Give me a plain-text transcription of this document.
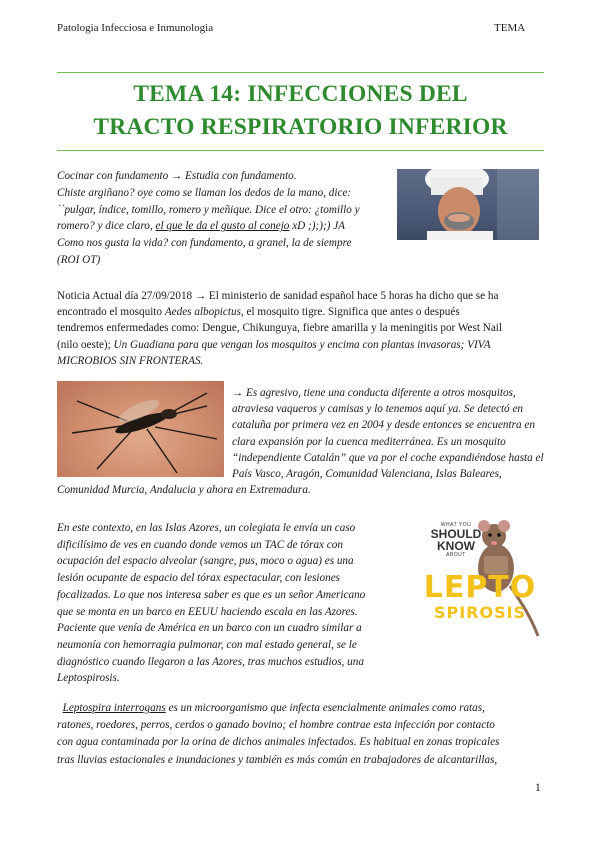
Patologia Infecciosa e Inmunologia	TEMA
TEMA 14: INFECCIONES DEL
TRACTO RESPIRATORIO INFERIOR
Cocinar con fundamento → Estudia con fundamento.
Chiste argiñano? oye como se llaman los dedos de la mano, dice:
``pulgar, índice, tomillo, romero y meñique. Dice el otro: ¿tomillo y
romero? y dice claro, el que le da el gusto al conejo xD ;););) JA
Como nos gusta la vida? con fundamento, a granel, la de siempre
(ROI OT)
Noticia Actual día 27/09/2018 → El ministerio de sanidad español hace 5 horas ha dicho que se ha
encontrado el mosquito Aedes albopictus, el mosquito tigre. Significa que antes o después
tendremos enfermedades como: Dengue, Chikunguya, fiebre amarilla y la meningitis por West Nail
(nilo oeste); Un Guadiana para que vengan los mosquitos y encima con plantas invasoras; VIVA
MICROBIOS SIN FRONTERAS.
→ Es agresivo, tiene una conducta diferente a otros mosquitos,
atraviesa vaqueros y camisas y lo tenemos aquí ya. Se detectó en
cataluña por primera vez en 2004 y desde entonces se encuentra en
clara expansión por la cuenca mediterránea. Es un mosquito
“independiente Catalán” que va por el coche expandiéndose hasta el
País Vasco, Aragón, Comunidad Valenciana, Islas Baleares,
Comunidad Murcia, Andalucia y ahora en Extremadura.
En este contexto, en las Islas Azores, un colegiata le envía un caso
dificilísimo de ves en cuando donde vemos un TAC de tórax con
ocupación del espacio alveolar (sangre, pus, moco o agua) es una
lesión ocupante de espacio del tórax espectacular, con lesiones
focalizadas. Lo que nos interesa saber es que es un señor Americano
que se monta en un barco en EEUU haciendo escala en las Azores.
Paciente que venía de América en un barco con un cuadro similar a
neumonía con hemorragia pulmonar, con mal estado general, se le
diagnóstico cuando llegaron a las Azores, tras muchos estudios, una
Leptospirosis.
WHAT YOU
SHOULD
KNOW
ABOUT
LEPTO
SPIROSIS
Leptospira interrogans es un microorganismo que infecta esencialmente animales como ratas,
ratones, roedores, perros, cerdos o ganado bovino; el hombre contrae esta infección por contacto
con agua contaminada por la orina de dichos animales infectados. Es habitual en zonas tropicales
tras lluvias estacionales e inundaciones y también es más común en trabajadores de alcantarillas,
1
